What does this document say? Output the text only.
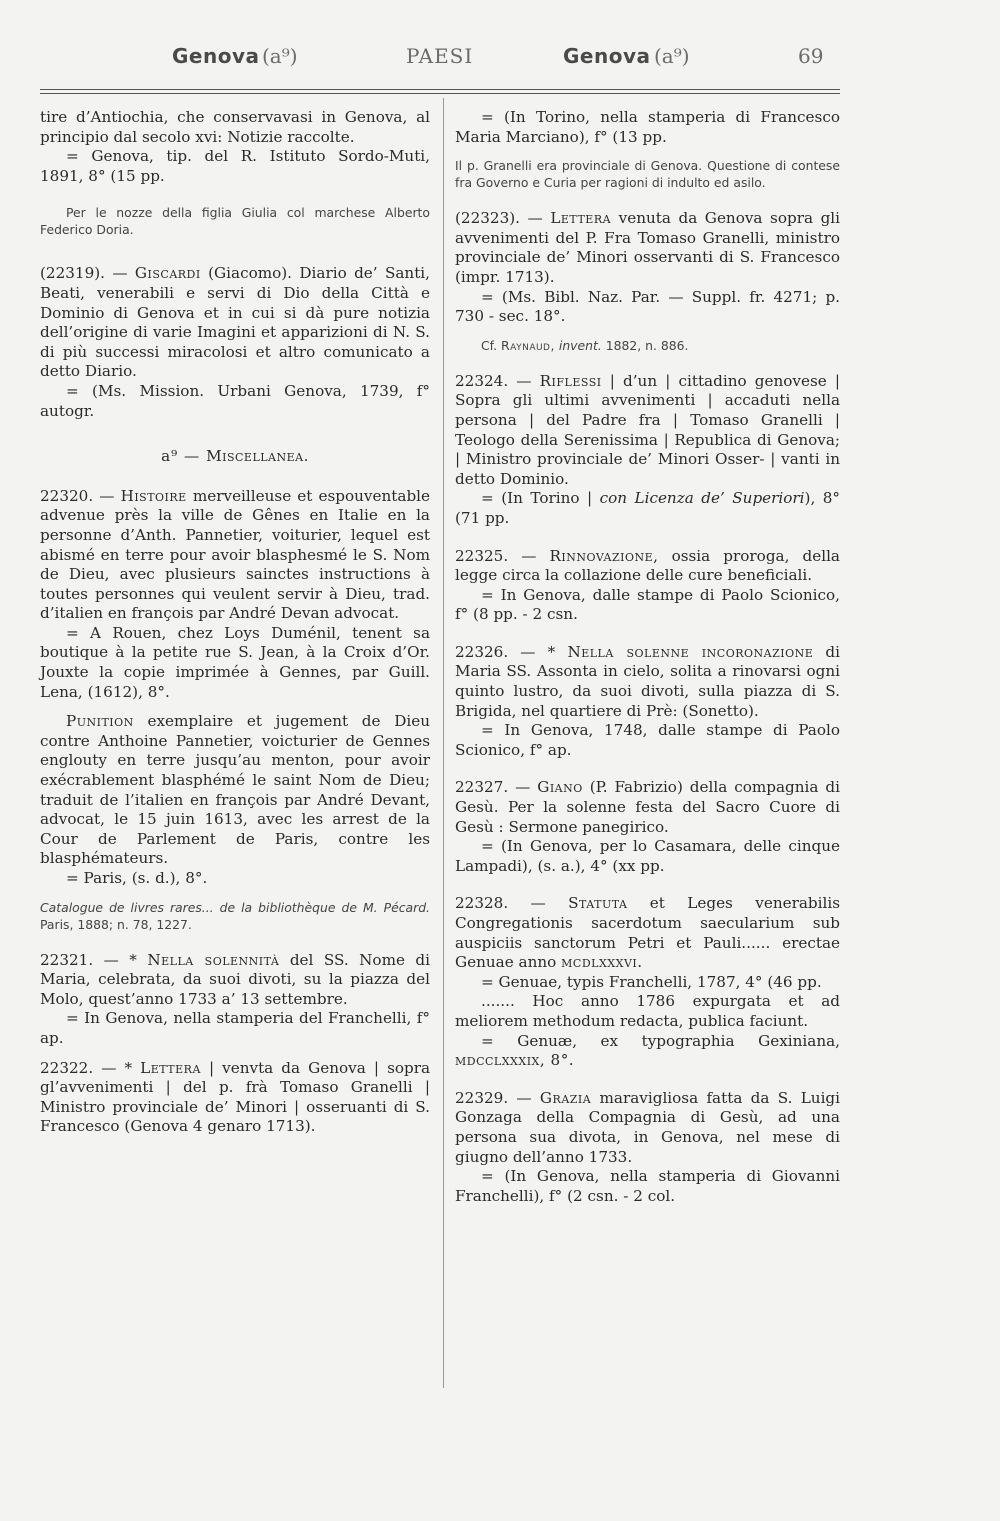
Genova (a⁹)	PAESI	Genova (a⁹)	69

tire d’Antiochia, che conservavasi in Genova, al principio dal secolo xvi: Notizie raccolte.

= Genova, tip. del R. Istituto Sordo-Muti, 1891, 8° (15 pp.

Per le nozze della figlia Giulia col marchese Alberto Federico Doria.

(22319). — Giscardi (Giacomo). Diario de’ Santi, Beati, venerabili e servi di Dio della Città e Dominio di Genova et in cui si dà pure notizia dell’origine di varie Imagini et apparizioni di N. S. di più successi miracolosi et altro comunicato a detto Diario.

= (Ms. Mission. Urbani Genova, 1739, f° autogr.

a⁹ — Miscellanea.

22320. — Histoire merveilleuse et espouventable advenue près la ville de Gênes en Italie en la personne d’Anth. Pannetier, voiturier, lequel est abismé en terre pour avoir blasphesmé le S. Nom de Dieu, avec plusieurs sainctes instructions à toutes personnes qui veulent servir à Dieu, trad. d’italien en françois par André Devan advocat.

= A Rouen, chez Loys Duménil, tenent sa boutique à la petite rue S. Jean, à la Croix d’Or. Jouxte la copie imprimée à Gennes, par Guill. Lena, (1612), 8°.

Punition exemplaire et jugement de Dieu contre Anthoine Pannetier, voicturier de Gennes englouty en terre jusqu’au menton, pour avoir exécrablement blasphémé le saint Nom de Dieu; traduit de l’italien en françois par André Devant, advocat, le 15 juin 1613, avec les arrest de la Cour de Parlement de Paris, contre les blasphémateurs.

= Paris, (s. d.), 8°.

Catalogue de livres rares... de la bibliothèque de M. Pécard. Paris, 1888; n. 78, 1227.

22321. — * Nella solennità del SS. Nome di Maria, celebrata, da suoi divoti, su la piazza del Molo, quest’anno 1733 a’ 13 settembre.

= In Genova, nella stamperia del Franchelli, f° ap.

22322. — * Lettera | venvta da Genova | sopra gl’avvenimenti | del p. frà Tomaso Granelli | Ministro provinciale de’ Minori | osseruanti di S. Francesco (Genova 4 genaro 1713).

= (In Torino, nella stamperia di Francesco Maria Marciano), f° (13 pp.

Il p. Granelli era provinciale di Genova. Questione di contese fra Governo e Curia per ragioni di indulto ed asilo.

(22323). — Lettera venuta da Genova sopra gli avvenimenti del P. Fra Tomaso Granelli, ministro provinciale de’ Minori osservanti di S. Francesco (impr. 1713).

= (Ms. Bibl. Naz. Par. — Suppl. fr. 4271; p. 730 - sec. 18°.

Cf. Raynaud, invent. 1882, n. 886.

22324. — Riflessi | d’un | cittadino genovese | Sopra gli ultimi avvenimenti | accaduti nella persona | del Padre fra | Tomaso Granelli | Teologo della Serenissima | Republica di Genova; | Ministro provinciale de’ Minori Osser- | vanti in detto Dominio.

= (In Torino | con Licenza de’ Superiori), 8° (71 pp.

22325. — Rinnovazione, ossia proroga, della legge circa la collazione delle cure beneficiali.

= In Genova, dalle stampe di Paolo Scionico, f° (8 pp. - 2 csn.

22326. — * Nella solenne incoronazione di Maria SS. Assonta in cielo, solita a rinovarsi ogni quinto lustro, da suoi divoti, sulla piazza di S. Brigida, nel quartiere di Prè: (Sonetto).

= In Genova, 1748, dalle stampe di Paolo Scionico, f° ap.

22327. — Giano (P. Fabrizio) della compagnia di Gesù. Per la solenne festa del Sacro Cuore di Gesù : Sermone panegirico.

= (In Genova, per lo Casamara, delle cinque Lampadi), (s. a.), 4° (xx pp.

22328. — Statuta et Leges venerabilis Congregationis sacerdotum saecularium sub auspiciis sanctorum Petri et Pauli...... erectae Genuae anno mcdlxxxvi.

= Genuae, typis Franchelli, 1787, 4° (46 pp.

....... Hoc anno 1786 expurgata et ad meliorem methodum redacta, publica faciunt.

= Genuæ, ex typographia Gexiniana, mdcclxxxix, 8°.

22329. — Grazia maravigliosa fatta da S. Luigi Gonzaga della Compagnia di Gesù, ad una persona sua divota, in Genova, nel mese di giugno dell’anno 1733.

= (In Genova, nella stamperia di Giovanni Franchelli), f° (2 csn. - 2 col.
